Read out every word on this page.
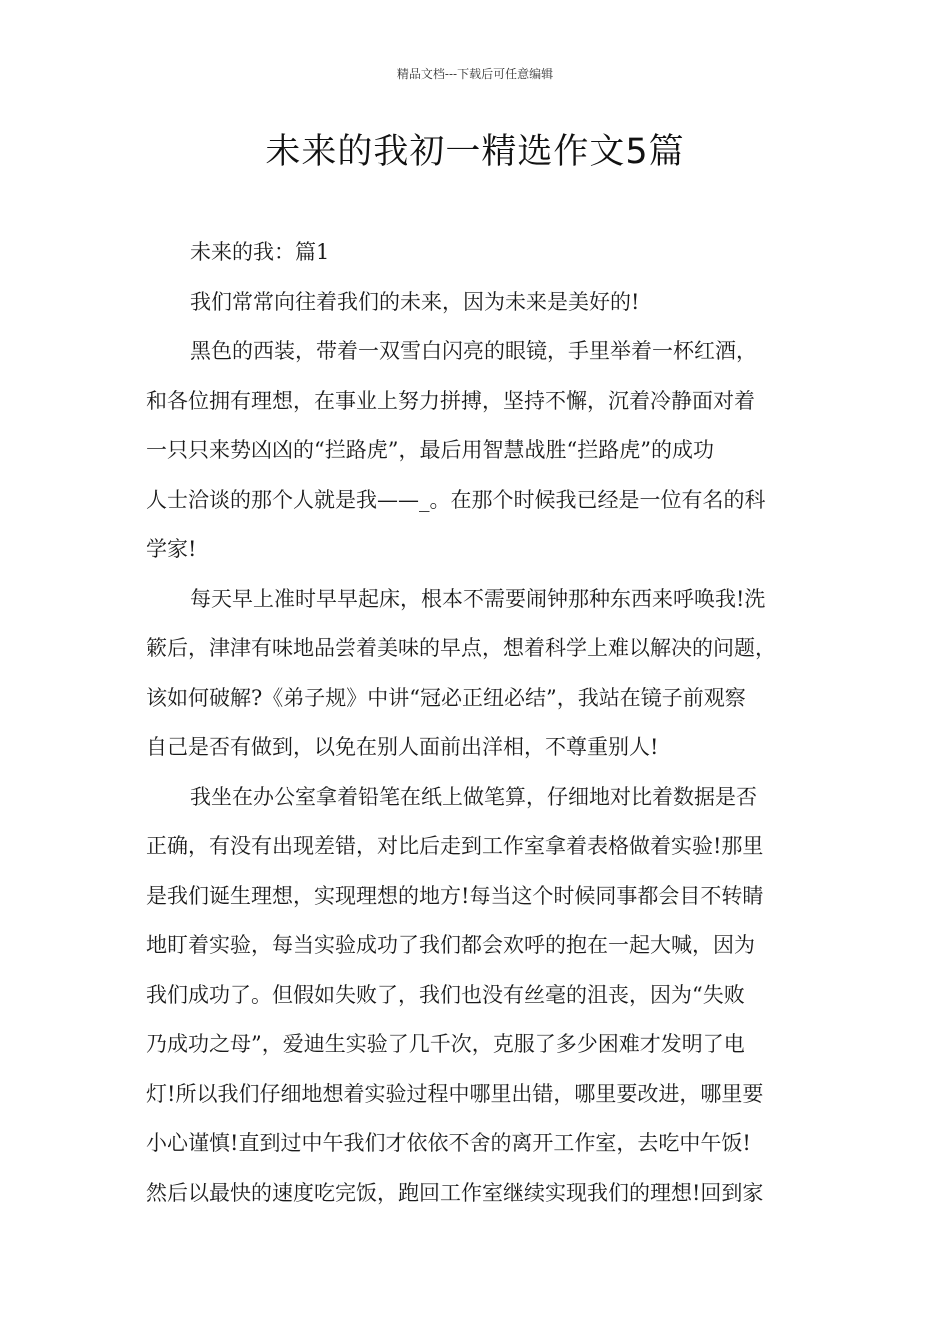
精品文档---下载后可任意编辑
未来的我初一精选作文5篇

未来的我：篇1

我们常常向往着我们的未来，因为未来是美好的!

黑色的西装，带着一双雪白闪亮的眼镜，手里举着一杯红酒，
和各位拥有理想，在事业上努力拼搏，坚持不懈，沉着冷静面对着
一只只来势凶凶的“拦路虎”，最后用智慧战胜“拦路虎”的成功
人士洽谈的那个人就是我——_。在那个时候我已经是一位有名的科
学家!

每天早上准时早早起床，根本不需要闹钟那种东西来呼唤我!洗
簌后，津津有味地品尝着美味的早点，想着科学上难以解决的问题，
该如何破解?《弟子规》中讲“冠必正纽必结”，我站在镜子前观察
自己是否有做到，以免在别人面前出洋相，不尊重别人!

我坐在办公室拿着铅笔在纸上做笔算，仔细地对比着数据是否
正确，有没有出现差错，对比后走到工作室拿着表格做着实验!那里
是我们诞生理想，实现理想的地方!每当这个时候同事都会目不转睛
地盯着实验，每当实验成功了我们都会欢呼的抱在一起大喊，因为
我们成功了。但假如失败了，我们也没有丝毫的沮丧，因为“失败
乃成功之母”，爱迪生实验了几千次，克服了多少困难才发明了电
灯!所以我们仔细地想着实验过程中哪里出错，哪里要改进，哪里要
小心谨慎!直到过中午我们才依依不舍的离开工作室，去吃中午饭!
然后以最快的速度吃完饭，跑回工作室继续实现我们的理想!回到家
